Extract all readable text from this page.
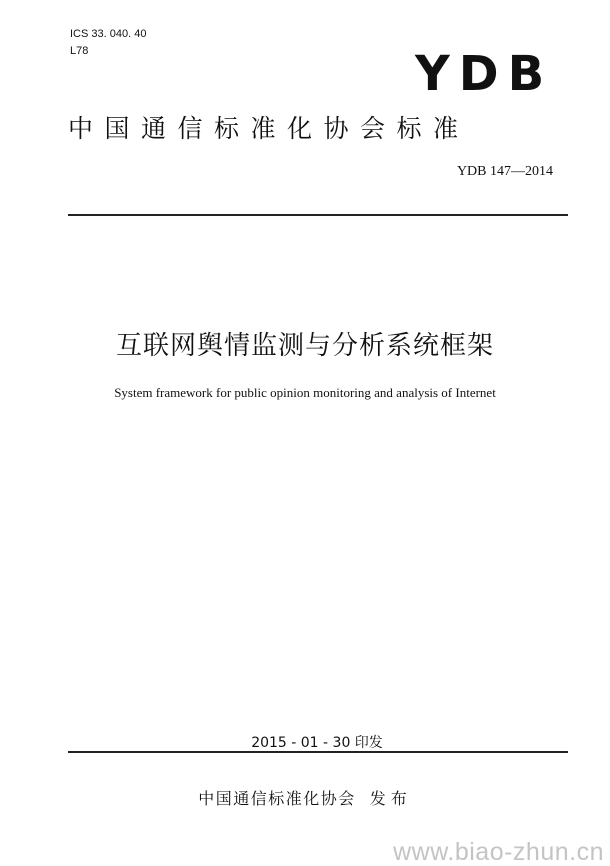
ICS 33. 040. 40
L78	YDB
中国通信标准化协会标准
YDB 147—2014
互联网舆情监测与分析系统框架
System framework for public opinion monitoring and analysis of Internet
2015 - 01 - 30 印发
中国通信标准化协会 发布
www.biao-zhun.cn
